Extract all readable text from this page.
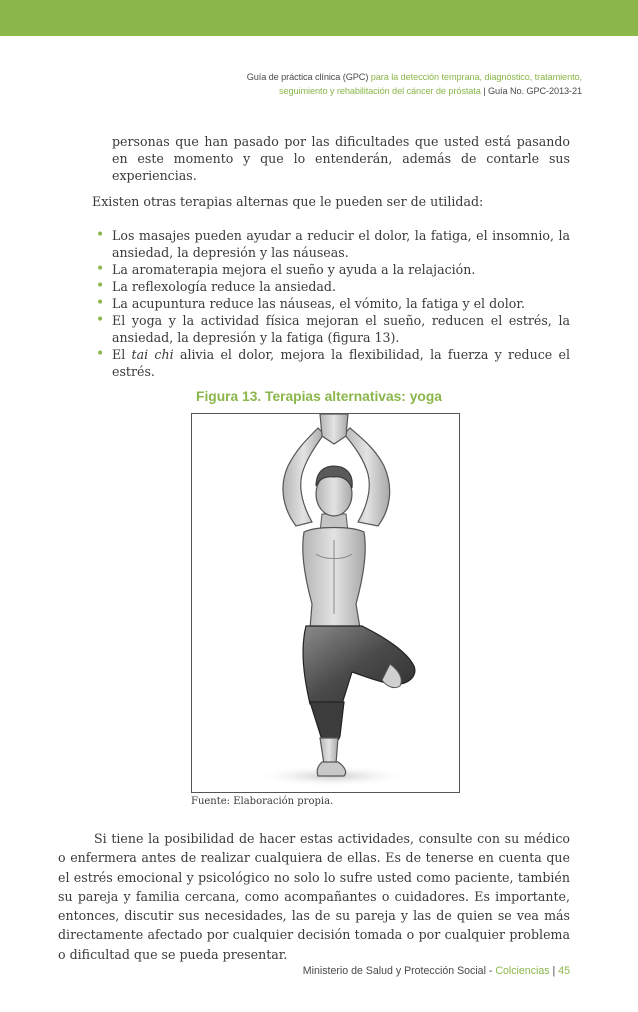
Guía de práctica clínica (GPC) para la detección temprana, diagnóstico, tratamiento,
seguimiento y rehabilitación del cáncer de próstata | Guía No. GPC-2013-21
personas que han pasado por las dificultades que usted está pasando en este momento y que lo entenderán, además de contarle sus experiencias.
Existen otras terapias alternas que le pueden ser de utilidad:
• Los masajes pueden ayudar a reducir el dolor, la fatiga, el insomnio, la ansiedad, la depresión y las náuseas.
• La aromaterapia mejora el sueño y ayuda a la relajación.
• La reflexología reduce la ansiedad.
• La acupuntura reduce las náuseas, el vómito, la fatiga y el dolor.
• El yoga y la actividad física mejoran el sueño, reducen el estrés, la ansiedad, la depresión y la fatiga (figura 13).
• El tai chi alivia el dolor, mejora la flexibilidad, la fuerza y reduce el estrés.
Figura 13. Terapias alternativas: yoga
Fuente: Elaboración propia.
Si tiene la posibilidad de hacer estas actividades, consulte con su médico o enfermera antes de realizar cualquiera de ellas. Es de tenerse en cuenta que el estrés emocional y psicológico no solo lo sufre usted como paciente, también su pareja y familia cercana, como acompañantes o cuidadores. Es importante, entonces, discutir sus necesidades, las de su pareja y las de quien se vea más directamente afectado por cualquier decisión tomada o por cualquier problema o dificultad que se pueda presentar.
Ministerio de Salud y Protección Social - Colciencias | 45
